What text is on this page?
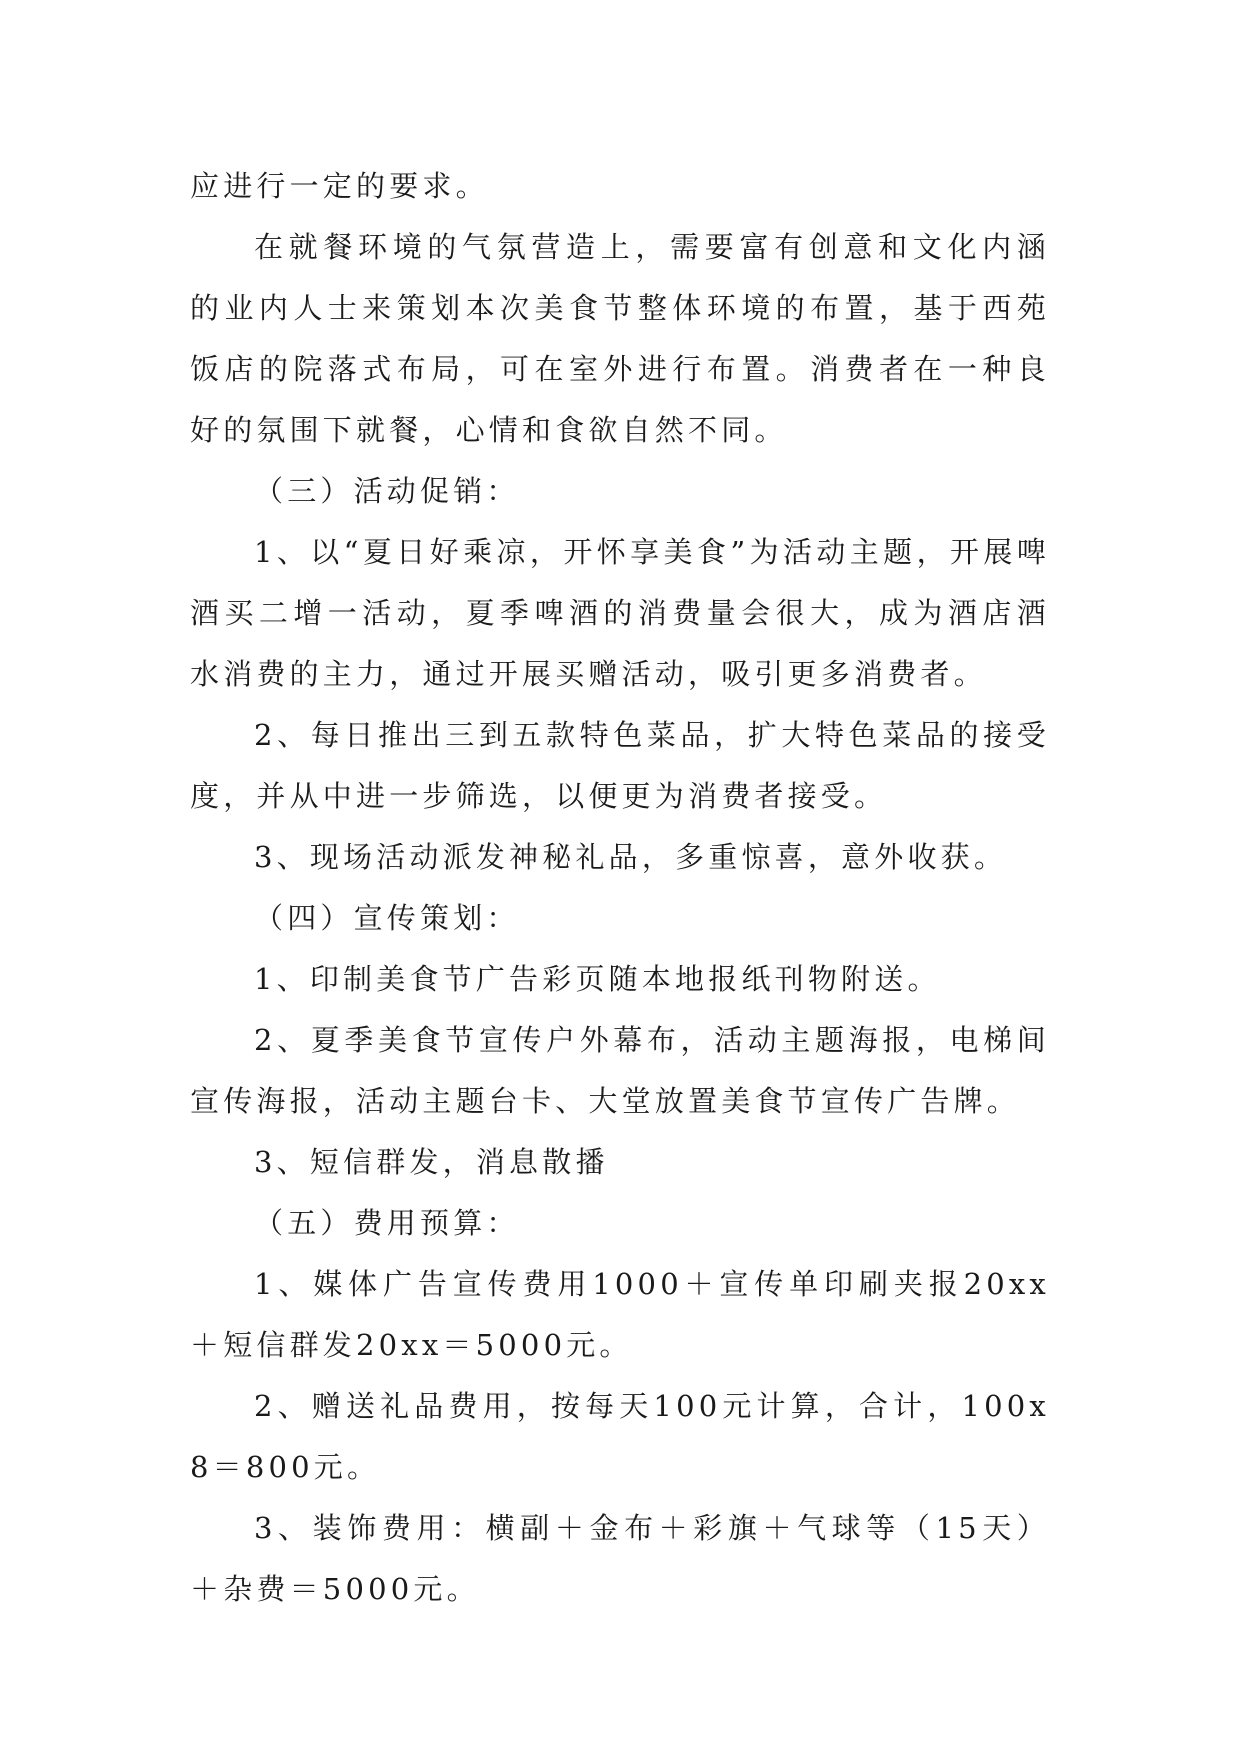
应进行一定的要求。

在就餐环境的气氛营造上，需要富有创意和文化内涵的业内人士来策划本次美食节整体环境的布置，基于西苑饭店的院落式布局，可在室外进行布置。消费者在一种良好的氛围下就餐，心情和食欲自然不同。

（三）活动促销：

1、以“夏日好乘凉，开怀享美食”为活动主题，开展啤酒买二增一活动，夏季啤酒的消费量会很大，成为酒店酒水消费的主力，通过开展买赠活动，吸引更多消费者。

2、每日推出三到五款特色菜品，扩大特色菜品的接受度，并从中进一步筛选，以便更为消费者接受。

3、现场活动派发神秘礼品，多重惊喜，意外收获。

（四）宣传策划：

1、印制美食节广告彩页随本地报纸刊物附送。

2、夏季美食节宣传户外幕布，活动主题海报，电梯间宣传海报，活动主题台卡、大堂放置美食节宣传广告牌。

3、短信群发，消息散播

（五）费用预算：

1、媒体广告宣传费用1000＋宣传单印刷夹报20xx＋短信群发20xx＝5000元。

2、赠送礼品费用，按每天100元计算，合计，100x8＝800元。

3、装饰费用：横副＋金布＋彩旗＋气球等（15天）＋杂费＝5000元。
